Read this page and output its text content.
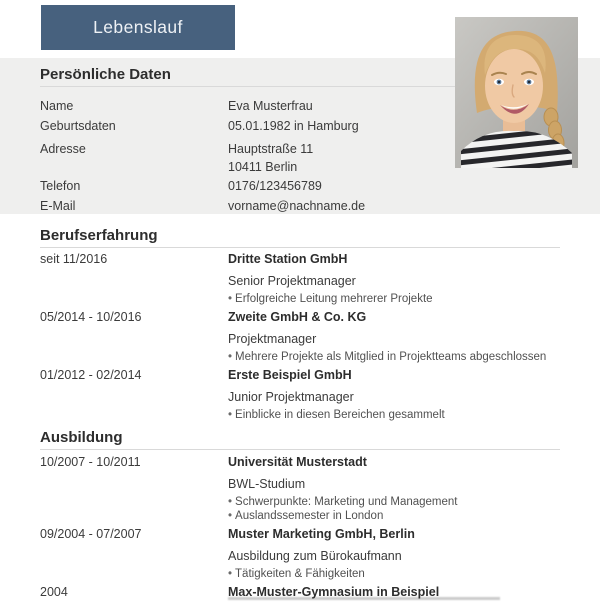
Lebenslauf
Persönliche Daten
Name	Eva Musterfrau
Geburtsdaten	05.01.1982 in Hamburg
Adresse	Hauptstraße 11
10411 Berlin
Telefon	0176/123456789
E-Mail	vorname@nachname.de
Berufserfahrung
seit 11/2016	Dritte Station GmbH
Senior Projektmanager
• Erfolgreiche Leitung mehrerer Projekte
05/2014 - 10/2016	Zweite GmbH & Co. KG
Projektmanager
• Mehrere Projekte als Mitglied in Projektteams abgeschlossen
01/2012 - 02/2014	Erste Beispiel GmbH
Junior Projektmanager
• Einblicke in diesen Bereichen gesammelt
Ausbildung
10/2007 - 10/2011	Universität Musterstadt
BWL-Studium
• Schwerpunkte: Marketing und Management
• Auslandssemester in London
09/2004 - 07/2007	Muster Marketing GmbH, Berlin
Ausbildung zum Bürokaufmann
• Tätigkeiten & Fähigkeiten
2004	Max-Muster-Gymnasium in Beispiel
